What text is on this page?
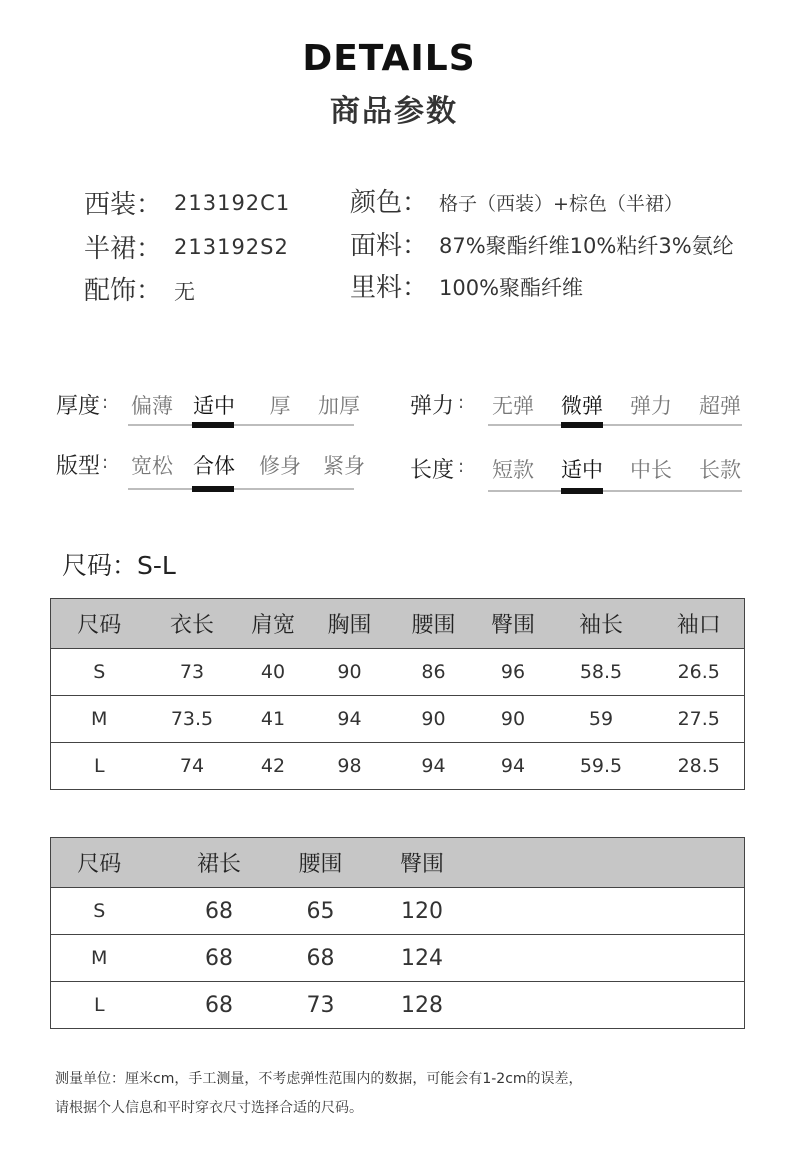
DETAILS
商品参数
西装： 213192C1
半裙： 213192S2
配饰： 无
颜色： 格子（西装）+棕色（半裙）
面料： 87%聚酯纤维10%粘纤3%氨纶
里料： 100%聚酯纤维
厚度 :	偏薄 适中	厚	加厚	弹力 :	无弹	微弹	弹力	超弹
版型 :	宽松 合体	修身	紧身	长度 :	短款	适中	中长	长款
尺码：S-L
尺码	衣长	肩宽	胸围	腰围	臀围	袖长	袖口
S	73	40	90	86	96	58.5	26.5
M	73.5	41	94	90	90	59	27.5
L	74	42	98	94	94	59.5	28.5
尺码	裙长	腰围	臀围	
S	68	65	120	
M	68	68	124	
L	68	73	128	
测量单位：厘米cm，手工测量，不考虑弹性范围内的数据，可能会有1-2cm的误差，
请根据个人信息和平时穿衣尺寸选择合适的尺码。
